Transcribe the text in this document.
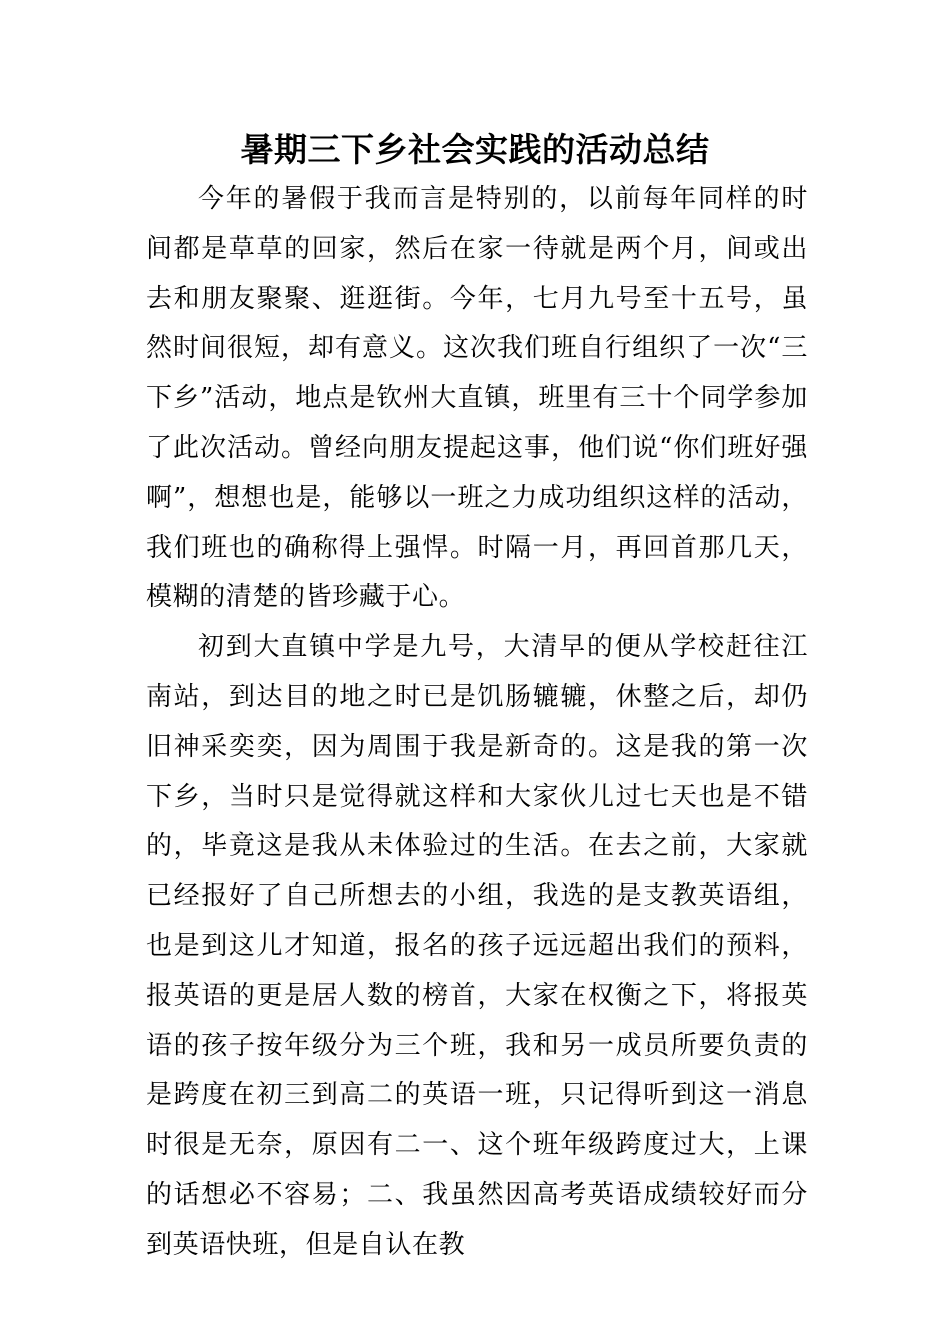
暑期三下乡社会实践的活动总结

今年的暑假于我而言是特别的，以前每年同样的时间都是草草的回家，然后在家一待就是两个月，间或出去和朋友聚聚、逛逛街。今年，七月九号至十五号，虽然时间很短，却有意义。这次我们班自行组织了一次“三下乡”活动，地点是钦州大直镇，班里有三十个同学参加了此次活动。曾经向朋友提起这事，他们说“你们班好强啊”，想想也是，能够以一班之力成功组织这样的活动，我们班也的确称得上强悍。时隔一月，再回首那几天，模糊的清楚的皆珍藏于心。

初到大直镇中学是九号，大清早的便从学校赶往江南站，到达目的地之时已是饥肠辘辘，休整之后，却仍旧神采奕奕，因为周围于我是新奇的。这是我的第一次下乡，当时只是觉得就这样和大家伙儿过七天也是不错的，毕竟这是我从未体验过的生活。在去之前，大家就已经报好了自己所想去的小组，我选的是支教英语组，也是到这儿才知道，报名的孩子远远超出我们的预料，报英语的更是居人数的榜首，大家在权衡之下，将报英语的孩子按年级分为三个班，我和另一成员所要负责的是跨度在初三到高二的英语一班，只记得听到这一消息时很是无奈，原因有二一、这个班年级跨度过大，上课的话想必不容易；二、我虽然因高考英语成绩较好而分到英语快班，但是自认在教
